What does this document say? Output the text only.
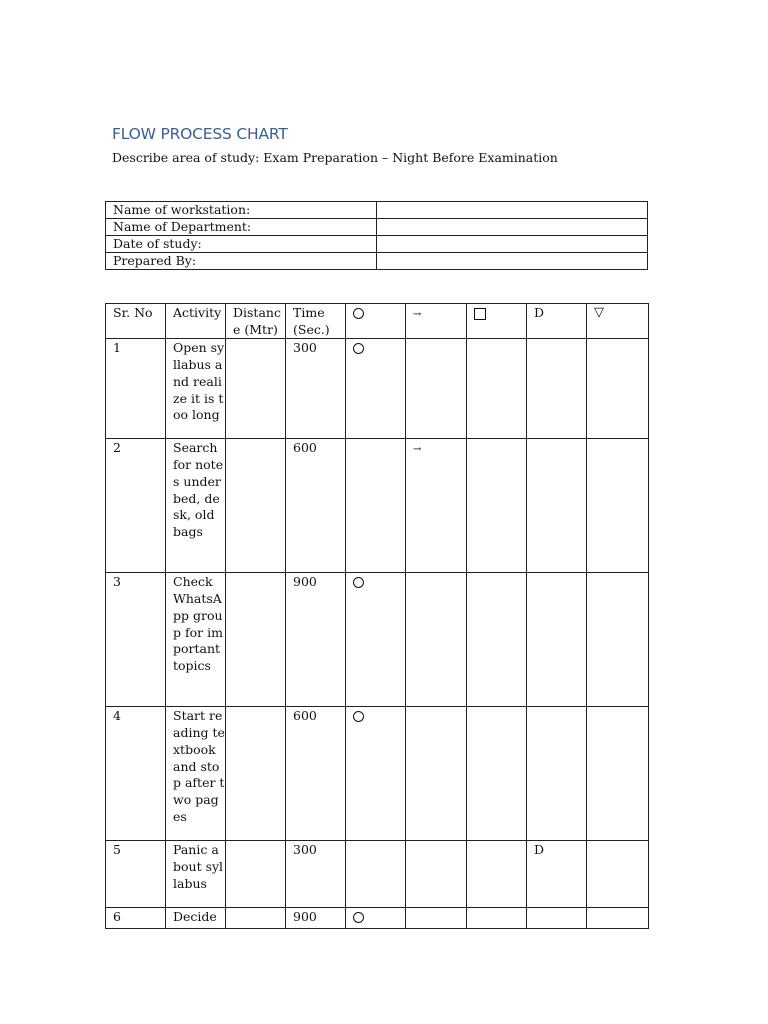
FLOW PROCESS CHART
Describe area of study: Exam Preparation – Night Before Examination
Name of workstation:	
Name of Department:	
Date of study:	
Prepared By:	
Sr. No	Activity	Distance (Mtr)	Time (Sec.)		→		D	▽
1	Open syllabus and realize it is too long		300					
2	Search for notes under bed, desk, old bags		600		→			
3	Check WhatsApp group for important topics		900					
4	Start reading textbook and stop after two pages		600					
5	Panic about syllabus		300				D	
6	Decide		900					
